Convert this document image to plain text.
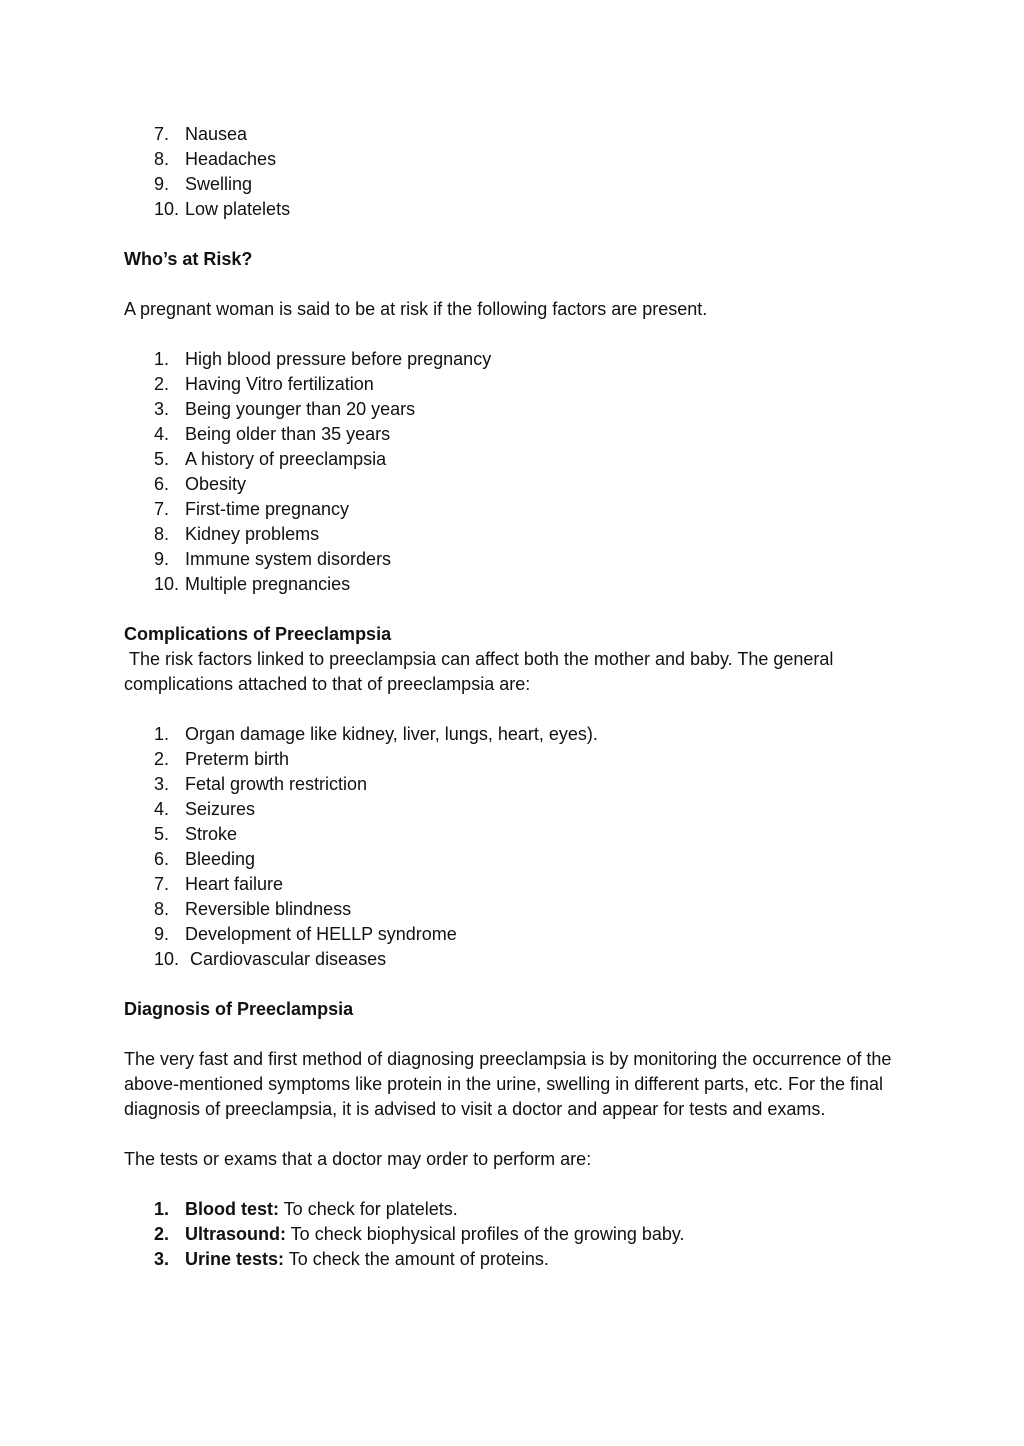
7. Nausea
8. Headaches
9. Swelling
10. Low platelets

Who’s at Risk?

A pregnant woman is said to be at risk if the following factors are present.

1. High blood pressure before pregnancy
2. Having Vitro fertilization
3. Being younger than 20 years
4. Being older than 35 years
5. A history of preeclampsia
6. Obesity
7. First-time pregnancy
8. Kidney problems
9. Immune system disorders
10. Multiple pregnancies

Complications of Preeclampsia

The risk factors linked to preeclampsia can affect both the mother and baby. The general complications attached to that of preeclampsia are:

1. Organ damage like kidney, liver, lungs, heart, eyes).
2. Preterm birth
3. Fetal growth restriction
4. Seizures
5. Stroke
6. Bleeding
7. Heart failure
8. Reversible blindness
9. Development of HELLP syndrome
10. Cardiovascular diseases

Diagnosis of Preeclampsia

The very fast and first method of diagnosing preeclampsia is by monitoring the occurrence of the above-mentioned symptoms like protein in the urine, swelling in different parts, etc. For the final diagnosis of preeclampsia, it is advised to visit a doctor and appear for tests and exams.

The tests or exams that a doctor may order to perform are:

1. Blood test: To check for platelets.
2. Ultrasound: To check biophysical profiles of the growing baby.
3. Urine tests: To check the amount of proteins.
